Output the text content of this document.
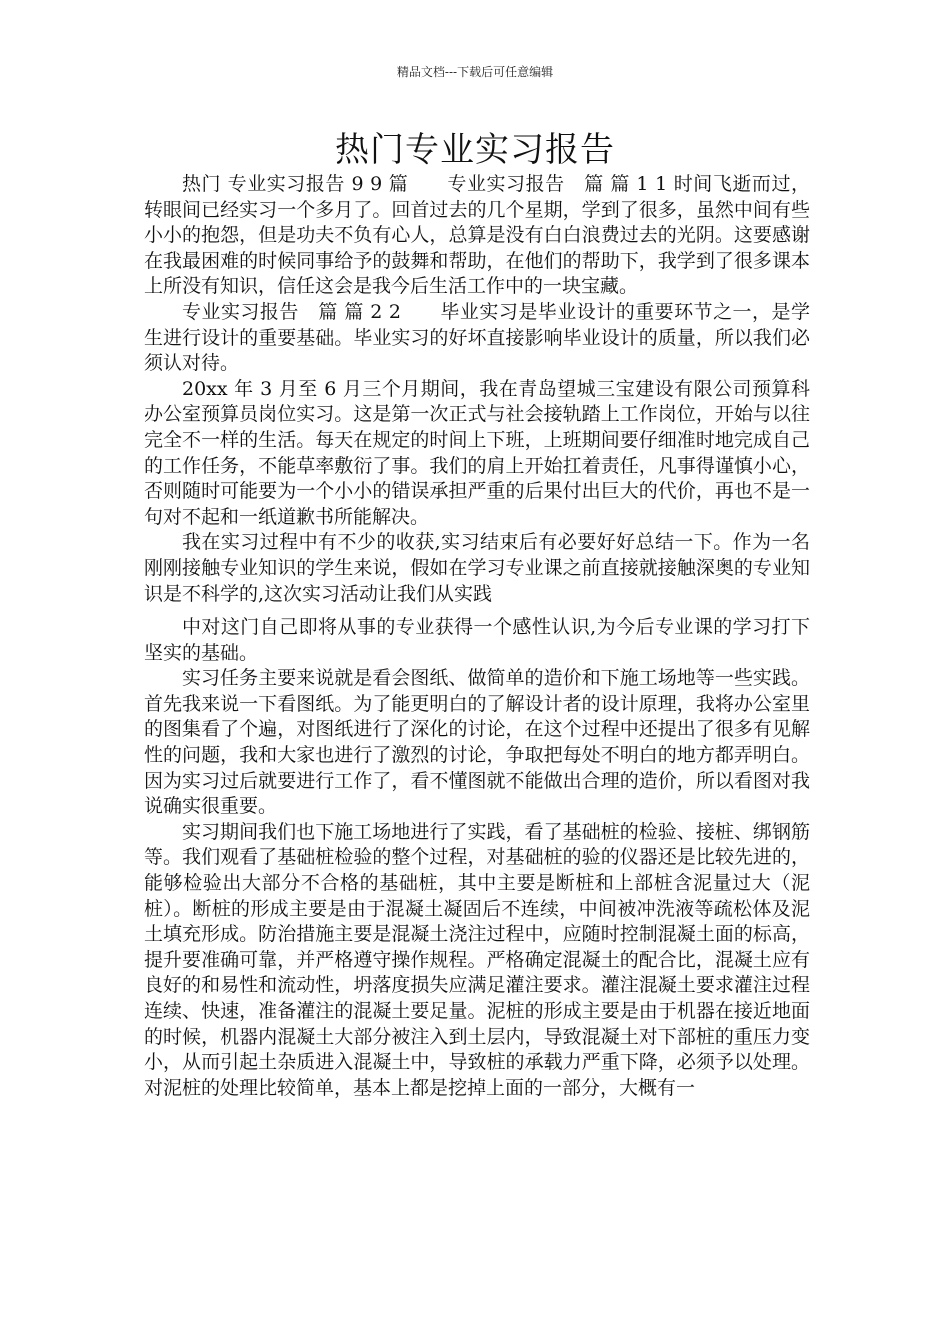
精品文档---下载后可任意编辑
热门专业实习报告

热门 专业实习报告 9 9 篇　　专业实习报告　篇 篇 1 1 时间飞逝而过，转眼间已经实习一个多月了。回首过去的几个星期，学到了很多，虽然中间有些小小的抱怨，但是功夫不负有心人，总算是没有白白浪费过去的光阴。这要感谢在我最困难的时候同事给予的鼓舞和帮助，在他们的帮助下，我学到了很多课本上所没有知识，信任这会是我今后生活工作中的一块宝藏。

专业实习报告　篇 篇 2 2　　毕业实习是毕业设计的重要环节之一，是学生进行设计的重要基础。毕业实习的好坏直接影响毕业设计的质量，所以我们必须认对待。

20xx 年 3 月至 6 月三个月期间，我在青岛望城三宝建设有限公司预算科办公室预算员岗位实习。这是第一次正式与社会接轨踏上工作岗位，开始与以往完全不一样的生活。每天在规定的时间上下班，上班期间要仔细准时地完成自己的工作任务，不能草率敷衍了事。我们的肩上开始扛着责任，凡事得谨慎小心，否则随时可能要为一个小小的错误承担严重的后果付出巨大的代价，再也不是一句对不起和一纸道歉书所能解决。

我在实习过程中有不少的收获,实习结束后有必要好好总结一下。作为一名刚刚接触专业知识的学生来说，假如在学习专业课之前直接就接触深奥的专业知识是不科学的,这次实习活动让我们从实践

中对这门自己即将从事的专业获得一个感性认识,为今后专业课的学习打下坚实的基础。

实习任务主要来说就是看会图纸、做简单的造价和下施工场地等一些实践。首先我来说一下看图纸。为了能更明白的了解设计者的设计原理，我将办公室里的图集看了个遍，对图纸进行了深化的讨论，在这个过程中还提出了很多有见解性的问题，我和大家也进行了激烈的讨论，争取把每处不明白的地方都弄明白。因为实习过后就要进行工作了，看不懂图就不能做出合理的造价，所以看图对我说确实很重要。

实习期间我们也下施工场地进行了实践，看了基础桩的检验、接桩、绑钢筋等。我们观看了基础桩检验的整个过程，对基础桩的验的仪器还是比较先进的，能够检验出大部分不合格的基础桩，其中主要是断桩和上部桩含泥量过大（泥桩）。断桩的形成主要是由于混凝土凝固后不连续，中间被冲洗液等疏松体及泥土填充形成。防治措施主要是混凝土浇注过程中，应随时控制混凝土面的标高，提升要准确可靠，并严格遵守操作规程。严格确定混凝土的配合比，混凝土应有良好的和易性和流动性，坍落度损失应满足灌注要求。灌注混凝土要求灌注过程连续、快速，准备灌注的混凝土要足量。泥桩的形成主要是由于机器在接近地面的时候，机器内混凝土大部分被注入到土层内，导致混凝土对下部桩的重压力变小，从而引起土杂质进入混凝土中，导致桩的承载力严重下降，必须予以处理。对泥桩的处理比较简单，基本上都是挖掉上面的一部分，大概有一
